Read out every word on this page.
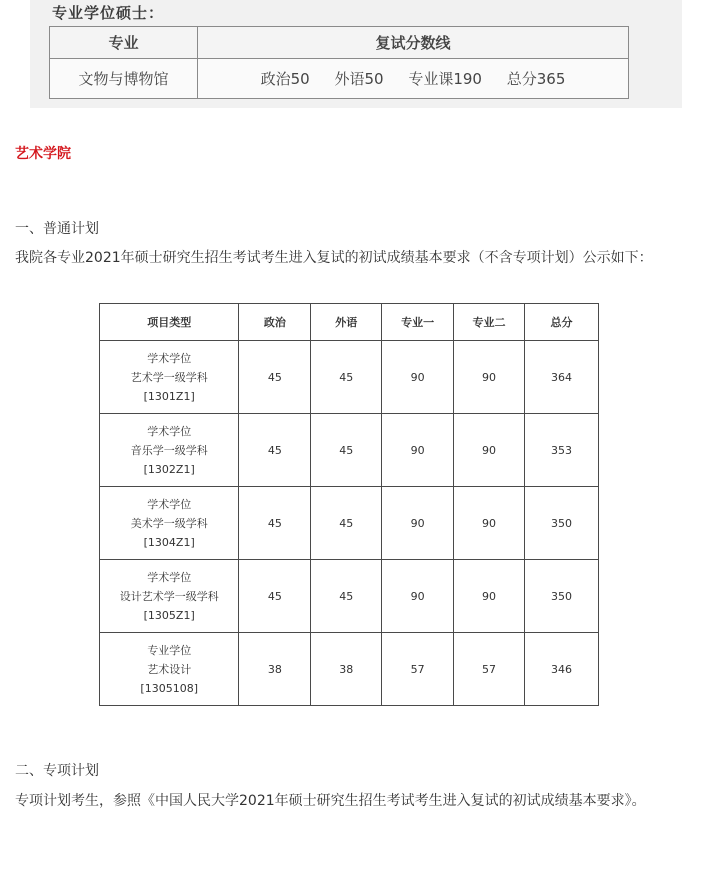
专业学位硕士：
专业	复试分数线
文物与博物馆	政治50 外语50 专业课190 总分365
艺术学院
一、普通计划
我院各专业2021年硕士研究生招生考试考生进入复试的初试成绩基本要求（不含专项计划）公示如下：
项目类型	政治	外语	专业一	专业二	总分

学术学位
艺术学一级学科
[1301Z1]	45	45	90	90	364

学术学位
音乐学一级学科
[1302Z1]	45	45	90	90	353

学术学位
美术学一级学科
[1304Z1]	45	45	90	90	350

学术学位
设计艺术学一级学科
[1305Z1]	45	45	90	90	350

专业学位
艺术设计
[1305108]	38	38	57	57	346
二、专项计划
专项计划考生，参照《中国人民大学2021年硕士研究生招生考试考生进入复试的初试成绩基本要求》。
